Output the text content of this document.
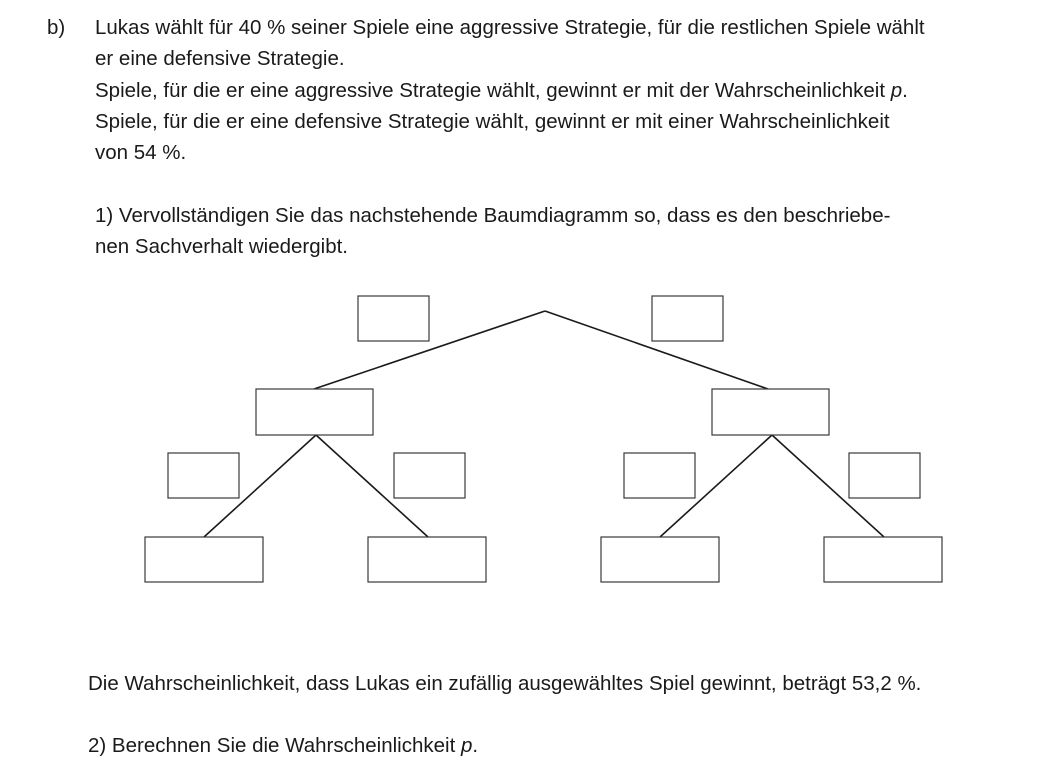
b) Lukas wählt für 40 % seiner Spiele eine aggressive Strategie, für die restlichen Spiele wählt
er eine defensive Strategie.
Spiele, für die er eine aggressive Strategie wählt, gewinnt er mit der Wahrscheinlichkeit p.
Spiele, für die er eine defensive Strategie wählt, gewinnt er mit einer Wahrscheinlichkeit
von 54 %.
1) Vervollständigen Sie das nachstehende Baumdiagramm so, dass es den beschriebe-
nen Sachverhalt wiedergibt.
Die Wahrscheinlichkeit, dass Lukas ein zufällig ausgewähltes Spiel gewinnt, beträgt 53,2 %.
2) Berechnen Sie die Wahrscheinlichkeit p.
